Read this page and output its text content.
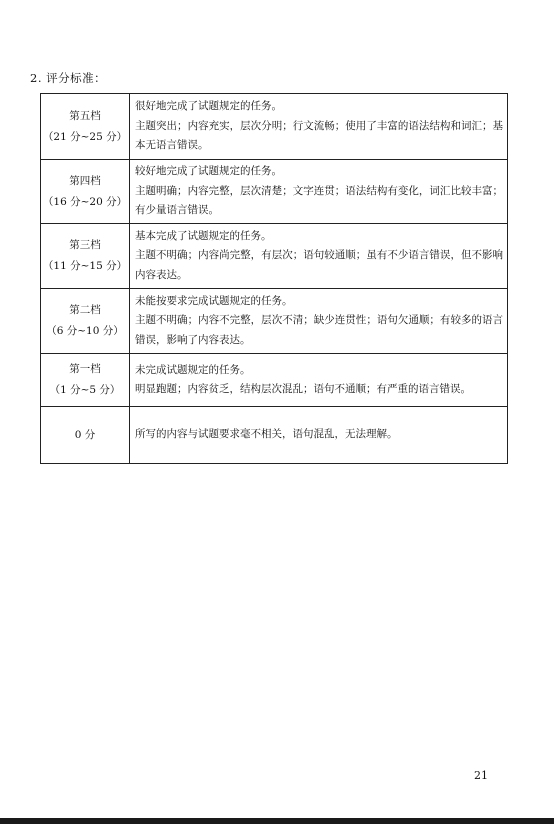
2. 评分标准：
第五档
（21 分~25 分）	很好地完成了试题规定的任务。
主题突出；内容充实，层次分明；行文流畅；使用了丰富的语法结构和词汇；基本无语言错误。

第四档
（16 分~20 分）	较好地完成了试题规定的任务。
主题明确；内容完整，层次清楚；文字连贯；语法结构有变化，词汇比较丰富；有少量语言错误。

第三档
（11 分~15 分）	基本完成了试题规定的任务。
主题不明确；内容尚完整，有层次；语句较通顺；虽有不少语言错误，但不影响内容表达。

第二档
（6 分~10 分）	未能按要求完成试题规定的任务。
主题不明确；内容不完整，层次不清；缺少连贯性；语句欠通顺；有较多的语言错误，影响了内容表达。

第一档
（1 分~5 分）	未完成试题规定的任务。
明显跑题；内容贫乏，结构层次混乱；语句不通顺；有严重的语言错误。

0 分	所写的内容与试题要求毫不相关，语句混乱，无法理解。
21
